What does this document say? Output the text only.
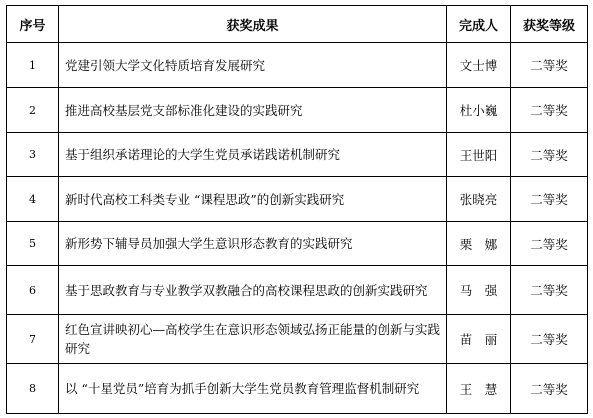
序号	获奖成果	完成人	获奖等级
1	党建引领大学文化特质培育发展研究	文士博	二等奖
2	推进高校基层党支部标准化建设的实践研究	杜小巍	二等奖
3	基于组织承诺理论的大学生党员承诺践诺机制研究	王世阳	二等奖
4	新时代高校工科类专业 “课程思政”的创新实践研究	张晓亮	二等奖
5	新形势下辅导员加强大学生意识形态教育的实践研究	栗　娜	二等奖
6	基于思政教育与专业教学双教融合的高校课程思政的创新实践研究	马　强	二等奖
7	红色宣讲映初心—高校学生在意识形态领域弘扬正能量的创新与实践研究	苗　丽	二等奖
8	以 “十星党员”培育为抓手创新大学生党员教育管理监督机制研究	王　慧	二等奖
